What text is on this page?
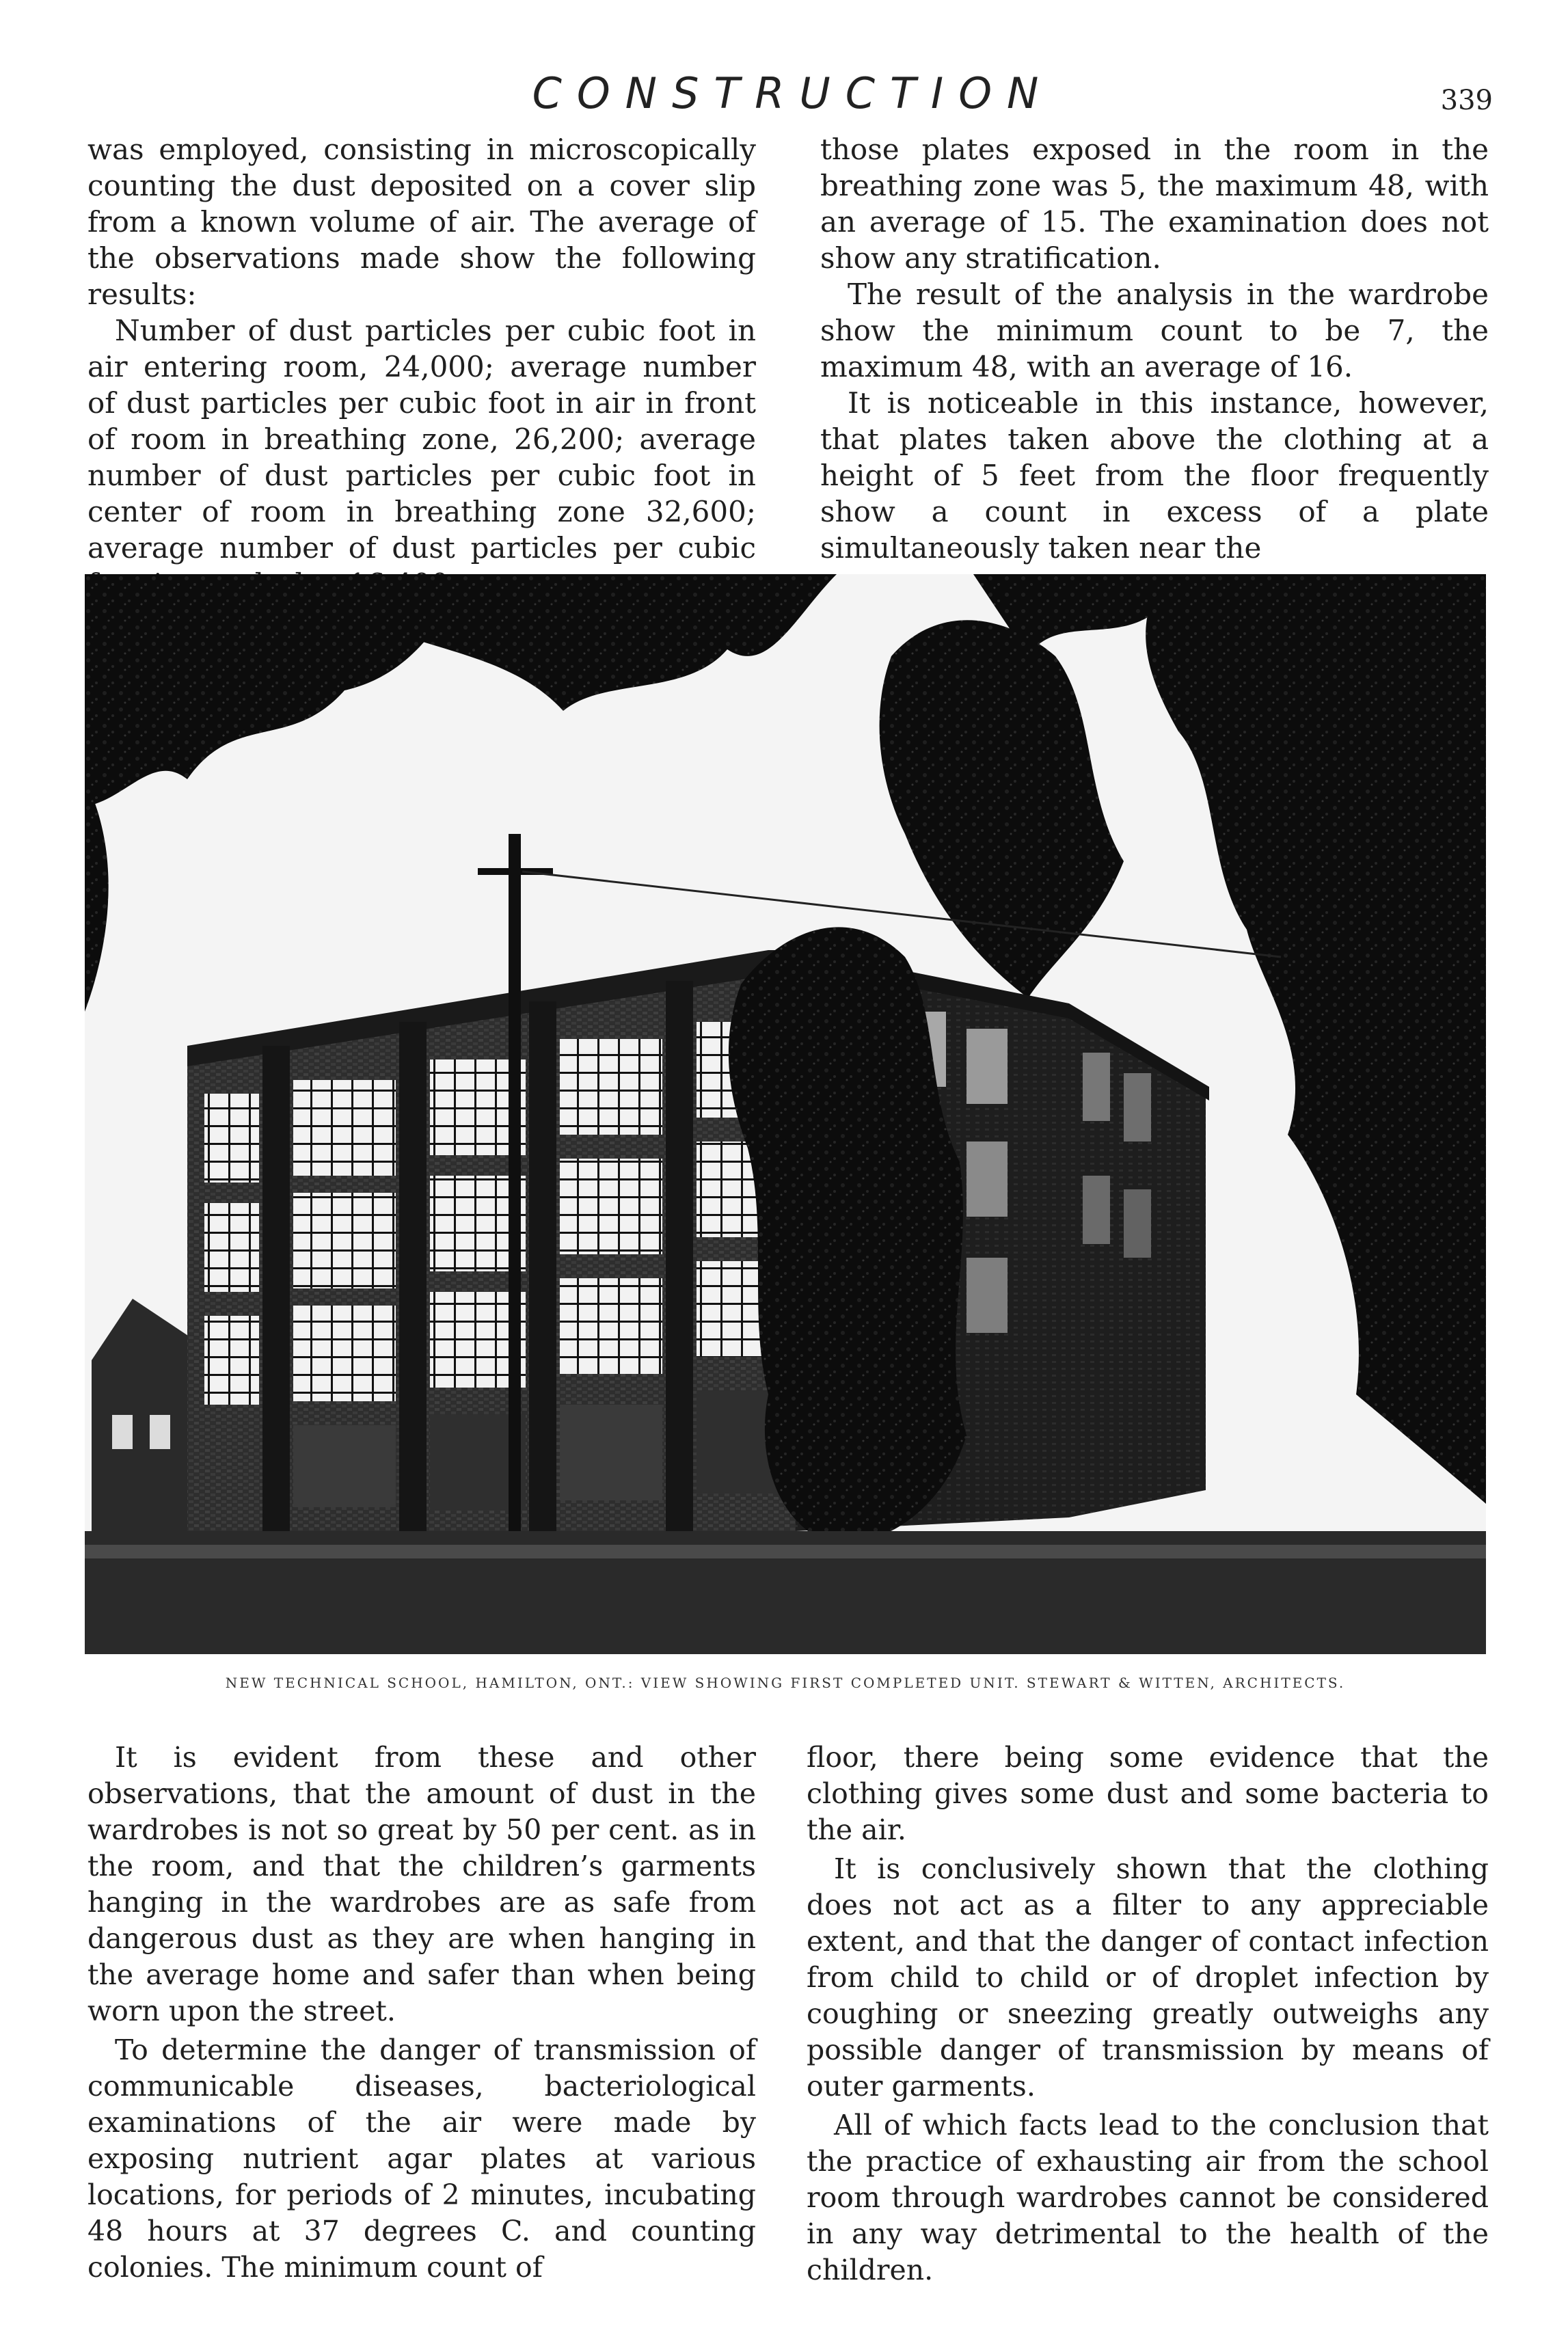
CONSTRUCTION	339

was employed, consisting in microscopically counting the dust deposited on a cover slip from a known volume of air. The average of the observations made show the following results:

Number of dust particles per cubic foot in air entering room, 24,000; average number of dust particles per cubic foot in air in front of room in breathing zone, 26,200; average number of dust particles per cubic foot in center of room in breathing zone 32,600; average number of dust particles per cubic

those plates exposed in the room in the breathing zone was 5, the maximum 48, with an average of 15. The examination does not show any stratification.

The result of the analysis in the wardrobe show the minimum count to be 7, the maximum 48, with an average of 16.

It is noticeable in this instance, however, that plates taken above the clothing at a height of 5 feet from the floor frequently show a count in excess of a plate simultaneously taken near the

NEW TECHNICAL SCHOOL, HAMILTON, ONT.: VIEW SHOWING FIRST COMPLETED UNIT. STEWART & WITTEN, ARCHITECTS.

It is evident from these and other observations, that the amount of dust in the wardrobes is not so great by 50 per cent. as in the room, and that the children’s garments hanging in the wardrobes are as safe from dangerous dust as they are when hanging in the average home and safer than when being worn upon the street.

To determine the danger of transmission of communicable diseases, bacteriological examinations of the air were made by exposing nutrient agar plates at various locations, for periods of 2 minutes, incubating 48 hours at 37 degrees C. and counting colonies. The minimum count of

floor, there being some evidence that the clothing gives some dust and some bacteria to the air.

It is conclusively shown that the clothing does not act as a filter to any appreciable extent, and that the danger of contact infection from child to child or of droplet infection by coughing or sneezing greatly outweighs any possible danger of transmission by means of outer garments.

All of which facts lead to the conclusion that the practice of exhausting air from the school room through wardrobes cannot be considered in any way detrimental to the health of the children.
